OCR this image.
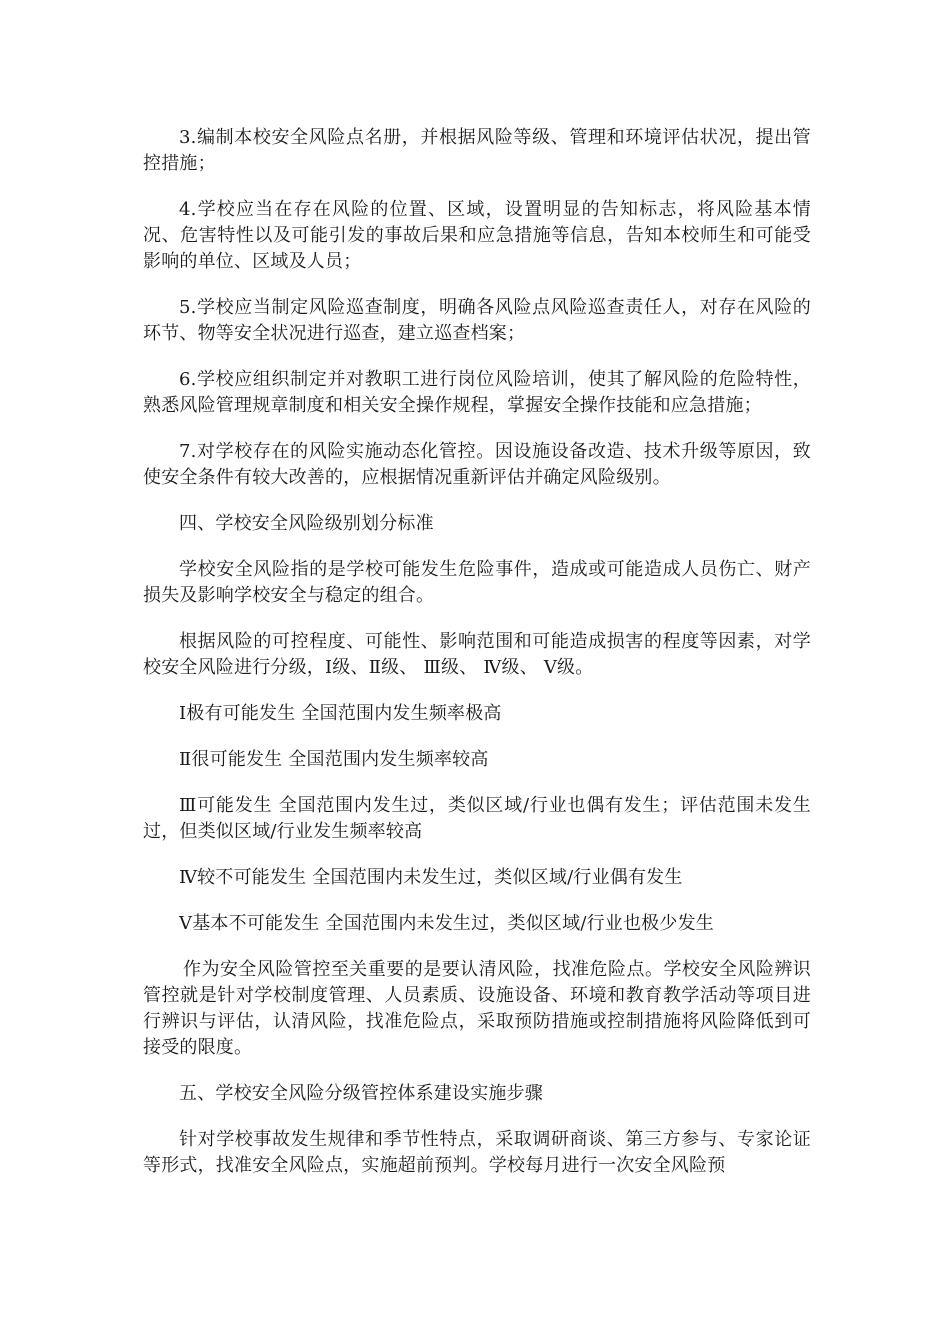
3.编制本校安全风险点名册，并根据风险等级、管理和环境评估状况，提出管控措施；

4.学校应当在存在风险的位置、区域，设置明显的告知标志，将风险基本情况、危害特性以及可能引发的事故后果和应急措施等信息，告知本校师生和可能受影响的单位、区域及人员；

5.学校应当制定风险巡查制度，明确各风险点风险巡查责任人，对存在风险的环节、物等安全状况进行巡查，建立巡查档案；

6.学校应组织制定并对教职工进行岗位风险培训，使其了解风险的危险特性，熟悉风险管理规章制度和相关安全操作规程，掌握安全操作技能和应急措施；

7.对学校存在的风险实施动态化管控。因设施设备改造、技术升级等原因，致使安全条件有较大改善的，应根据情况重新评估并确定风险级别。

四、学校安全风险级别划分标准

学校安全风险指的是学校可能发生危险事件，造成或可能造成人员伤亡、财产损失及影响学校安全与稳定的组合。

根据风险的可控程度、可能性、影响范围和可能造成损害的程度等因素，对学校安全风险进行分级，Ⅰ级、Ⅱ级、 Ⅲ级、 Ⅳ级、 Ⅴ级。

Ⅰ极有可能发生 全国范围内发生频率极高

Ⅱ很可能发生 全国范围内发生频率较高

Ⅲ可能发生 全国范围内发生过，类似区域/行业也偶有发生；评估范围未发生过，但类似区域/行业发生频率较高

Ⅳ较不可能发生 全国范围内未发生过，类似区域/行业偶有发生

Ⅴ基本不可能发生 全国范围内未发生过，类似区域/行业也极少发生

作为安全风险管控至关重要的是要认清风险，找准危险点。学校安全风险辨识管控就是针对学校制度管理、人员素质、设施设备、环境和教育教学活动等项目进行辨识与评估，认清风险，找准危险点，采取预防措施或控制措施将风险降低到可接受的限度。

五、学校安全风险分级管控体系建设实施步骤

针对学校事故发生规律和季节性特点，采取调研商谈、第三方参与、专家论证等形式，找准安全风险点，实施超前预判。学校每月进行一次安全风险预
